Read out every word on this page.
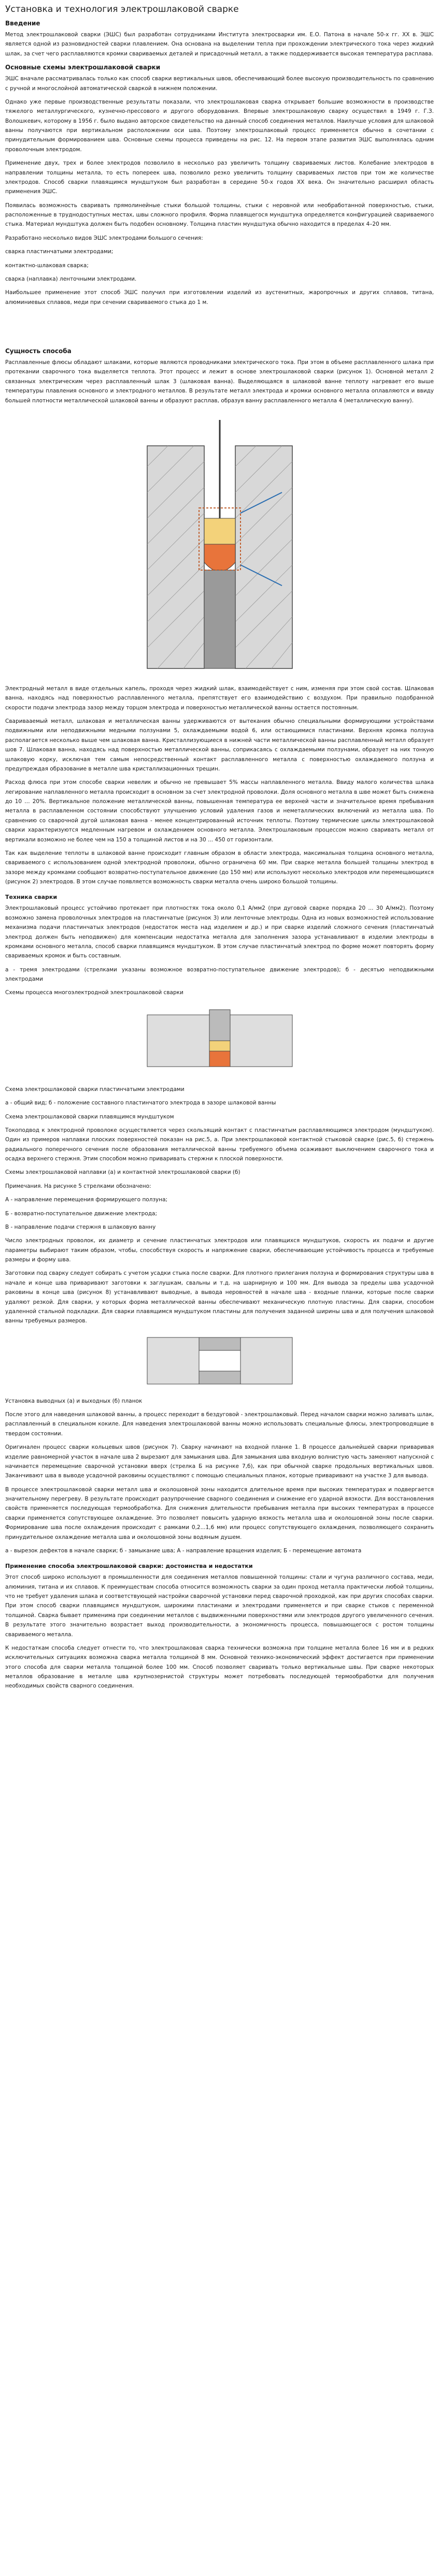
Установка и технология электрошлаковой сварке
Введение

Метод электрошлаковой сварки (ЭШС) был разработан сотрудниками Института электросварки им. Е.О. Патона в начале 50-х гг. XX в. ЭШС является одной из разновидностей сварки плавлением. Она основана на выделении тепла при прохождении электрического тока через жидкий шлак, за счет чего расплавляются кромки свариваемых деталей и присадочный металл, а также поддерживается высокая температура расплава.

Основные схемы электрошлаковой сварки

ЭШС вначале рассматривалась только как способ сварки вертикальных швов, обеспечивающий более высокую производительность по сравнению с ручной и многослойной автоматической сваркой в нижнем положении.

Однако уже первые производственные результаты показали, что электрошлаковая сварка открывает большие возможности в производстве тяжелого металлургического, кузнечно-прессового и другого оборудования. Впервые электрошлаковую сварку осуществил в 1949 г. Г.З. Волошкевич, которому в 1956 г. было выдано авторское свидетельство на данный способ соединения металлов. Наилучше условия для шлаковой ванны получаются при вертикальном расположении оси шва. Поэтому электрошлаковый процесс применяется обычно в сочетании с принудительным формированием шва. Основные схемы процесса приведены на рис. 12. На первом этапе развития ЭШС выполнялась одним проволочным электродом.

Применение двух, трех и более электродов позволило в несколько раз увеличить толщину свариваемых листов. Колебание электродов в направлении толщины металла, то есть попереек шва, позволило резко увеличить толщину свариваемых листов при том же количестве электродов. Способ сварки плавящимся мундштуком был разработан в середине 50-х годов XX века. Он значительно расширил область применения ЭШС.

Появилась возможность сваривать прямолинейные стыки большой толщины, стыки с неровной или необработанной поверхностью, стыки, расположенные в труднодоступных местах, швы сложного профиля. Форма плавящегося мундштука определяется конфигурацией свариваемого стыка. Материал мундштука должен быть подобен основному. Толщина пластин мундштука обычно находится в пределах 4–20 мм.

Разработано несколько видов ЭШС электродами большого сечения:

сварка пластинчатыми электродами;
контактно-шлаковая сварка;
сварка (наплавка) ленточными электродами.

Наибольшее применение этот способ ЭШС получил при изготовлении изделий из аустенитных, жаропрочных и других сплавов, титана, алюминиевых сплавов, меди при сечении свариваемого стыка до 1 м.

Сущность способа

Расплавленные флюсы обладают шлаками, которые являются проводниками электрического тока. При этом в объеме расплавленного шлака при протекании сварочного тока выделяется теплота. Этот процесс и лежит в основе электрошлаковой сварки (рисунок 1). Основной металл 2 связанных электрическим через расплавленный шлак 3 (шлаковая ванна). Выделяющаяся в шлаковой ванне теплоту нагревает его выше температуры плавления основного и электродного металлов. В результате металл электрода и кромки основного металла оплавляются и ввиду большей плотности металлической шлаковой ванны и образуют расплав, образуя ванну расплавленного металла 4 (металлическую ванну).

Электродный металл в виде отдельных капель, проходя через жидкий шлак, взаимодействует с ним, изменяя при этом свой состав. Шлаковая ванна, находясь над поверхностью расплавленного металла, препятствует его взаимодействию с воздухом. При правильно подобранной скорости подачи электрода зазор между торцом электрода и поверхностью металлической ванны остается постоянным.

Сваривааемый металл, шлаковая и металлическая ванны удерживаются от вытекания обычно специальными формирующими устройствами подвижными или неподвижными медными ползунами 5, охлаждаемыми водой 6, или остающимися пластинами. Верхняя кромка ползуна располагается несколько выше чем шлаковая ванна. Кристаллизующиеся в нижней части металлической ванны расплавленный металл образует шов 7. Шлаковая ванна, находясь над поверхностью металлической ванны, соприкасаясь с охлаждаемыми ползунами, образует на них тонкую шлаковую корку, исключая тем самым непосредственный контакт расплавленного металла с поверхностью охлаждаемого ползуна и предупреждая образование в металле шва кристаллизационных трещин.

Расход флюса при этом способе сварки невелик и обычно не превышает 5% массы наплавленного металла. Ввиду малого количества шлака легирование наплавленного металла происходит в основном за счет электродной проволоки. Доля основного металла в шве может быть снижена до 10 … 20%. Вертикальное положение металлической ванны, повышенная температура ее верхней части и значительное время пребывания металла в расплавленном состоянии способствуют улучшению условий удаления газов и неметаллических включений из металла шва. По сравнению со сварочной дугой шлаковая ванна - менее концентрированный источник теплоты. Поэтому термические циклы электрошлаковой сварки характеризуются медленным нагревом и охлаждением основного металла. Электрошлаковым процессом можно сваривать металл от вертикали возможно не более чем на 150 а толщиной листов и на 30 ... 450 от горизонтали.

Так как выделение теплоты в шлаковой ванне происходит главным образом в области электрода, максимальная толщина основного металла, свариваемого с использованием одной электродной проволоки, обычно ограничена 60 мм. При сварке металла большей толщины электрод в зазоре между кромками сообщают возвратно-поступательное движение (до 150 мм) или используют несколько электродов или перемещающихся (рисунок 2) электродов. В этом случае появляется возможность сварки металла очень широко большой толщины.

Техника сварки

Электрошлаковый процесс устойчиво протекает при плотностях тока около 0,1 А/мм2 (при дуговой сварке порядка 20 ... 30 А/мм2). Поэтому возможно замена проволочных электродов на пластинчатые (рисунок 3) или ленточные электроды. Одна из новых возможностей использование механизма подачи пластинчатых электродов (недостаток места над изделием и др.) и при сварке изделий сложного сечения (пластинчатый электрод должен быть неподвижен) для компенсации недостатка металла для заполнения зазора устанавливают в изделии электроды в кромками основного металла, способ сварки плавящимся мундштуком. В этом случае пластинчатый электрод по форме может повторять форму свариваемых кромок и быть составным.

а - тремя электродами (стрелками указаны возможное возвратно-поступательное движение электродов); б - десятью неподвижными электродами

Схемы процесса многоэлектродной электрошлаковой сварки

Схема электрошлаковой сварки пластинчатыми электродами

а - общий вид; б - положение составного пластинчатого электрода в зазоре шлаковой ванны

Схема электрошлаковой сварки плавящимся мундштуком

Токоподвод к электродной проволоке осуществляется через скользящий контакт с пластинчатым расплавляющимся электродом (мундштуком). Один из примеров наплавки плоских поверхностей показан на рис.5, а. При электрошлаковой контактной стыковой сварке (рис.5, б) стержень радиального поперечного сечения после образования металлической ванны требуемого объема осаживают выключением сварочного тока и осадка верхнего стержня. Этим способом можно приваривать стержни к плоской поверхности.

Схемы электрошлаковой наплавки (а) и контактной электрошлаковой сварки (б)

Примечания. На рисунке 5 стрелками обозначено:

А - направление перемещения формирующего ползуна;
Б - возвратно-поступательное движение электрода;
В - направление подачи стержня в шлаковую ванну

Число электродных проволок, их диаметр и сечение пластинчатых электродов или плавящихся мундштуков, скорость их подачи и другие параметры выбирают таким образом, чтобы, способствуя скорость и напряжение сварки, обеспечивающие устойчивость процесса и требуемые размеры и форму шва.

Заготовки под сварку следует собирать с учетом усадки стыка после сварки. Для плотного прилегания ползуна и формирования структуры шва в начале и конце шва приваривают заготовки к заглушкам, свальны и т.д. на шарнирную и 100 мм. Для вывода за пределы шва усадочной раковины в конце шва (рисунок 8) устанавливают выводные, а вывода неровностей в начале шва - входные планки, которые после сварки удаляют резкой. Для сварки, у которых форма металлической ванны обеспечивают механическую плотную пластины. Для сварки, способом удаленной стальной подкладки. Для сварки плавящимся мундштуком пластины для получения заданной ширины шва и для получения шлаковой ванны требуемых размеров.

Установка выводных (а) и выходных (б) планок

После этого для наведения шлаковой ванны, а процесс переходит в бездуговой - электрошлаковый. Перед началом сварки можно заливать шлак, расплавленный в специальном кокиле. Для наведения электрошлаковой ванны можно использовать специальные флюсы, электропроводящие в твердом состоянии.

Оригинален процесс сварки кольцевых швов (рисунок 7). Сварку начинают на входной планке 1. В процессе дальнейшей сварки приваривая изделие равномерной участок в начале шва 2 вырезают для замыкания шва. Для замыкания шва входную волнистую часть заменяют напускной с начинается перемещение сварочной установки вверх (стрелка Б на рисунке 7,б), как при обычной сварке продольных вертикальных швов. Заканчивают шва в выводе усадочной раковины осуществляют с помощью специальных планок, которые приваривают на участке 3 для вывода.

В процессе электрошлаковой сварки металл шва и околошовной зоны находится длительное время при высоких температурах и подвергается значительному перегреву. В результате происходит разупрочнение сварного соединения и снижение его ударной вязкости. Для восстановления свойств применяется последующая термообработка. Для снижения длительности пребывания металла при высоких температурах в процессе сварки применяется сопутствующее охлаждение. Это позволяет повысить ударную вязкость металла шва и околошовной зоны после сварки. Формирование шва после охлаждения происходит с рамками 0,2...1,6 мм) или процесс сопутствующего охлаждения, позволяющего сохранить принудительное охлаждение металла шва и околошовной зоны водяным душем.

а - вырезок дефектов в начале сварки; б - замыкание шва; А - направление вращения изделия; Б - перемещение автомата

Применение способа электрошлаковой сварки: достоинства и недостатки

Этот способ широко используют в промышленности для соединения металлов повышенной толщины: стали и чугуна различного состава, меди, алюминия, титана и их сплавов. К преимуществам способа относится возможность сварки за один проход металла практически любой толщины, что не требует удаления шлака и соответствующей настройки сварочной установки перед сварочной проходкой, как при других способах сварки. При этом способ сварки плавящимся мундштуком, широкими пластинами и электродами применяется и при сварке стыков с переменной толщиной. Сварка бывает применима при соединении металлов с выдвиженными поверхностями или электродов другого увеличенного сечения. В результате этого значительно возрастает выход производительности, а экономичность процесса, повышающегося с ростом толщины свариваемого металла.

К недостаткам способа следует отнести то, что электрошлаковая сварка технически возможна при толщине металла более 16 мм и в редких исключительных ситуациях возможна сварка металла толщиной 8 мм. Основной технико-экономический эффект достигается при применении этого способа для сварки металла толщиной более 100 мм. Способ позволяет сваривать только вертикальные швы. При сварке некоторых металлов образование в металле шва крупнозернистой структуры может потребовать последующей термообработки для получения необходимых свойств сварного соединения.
